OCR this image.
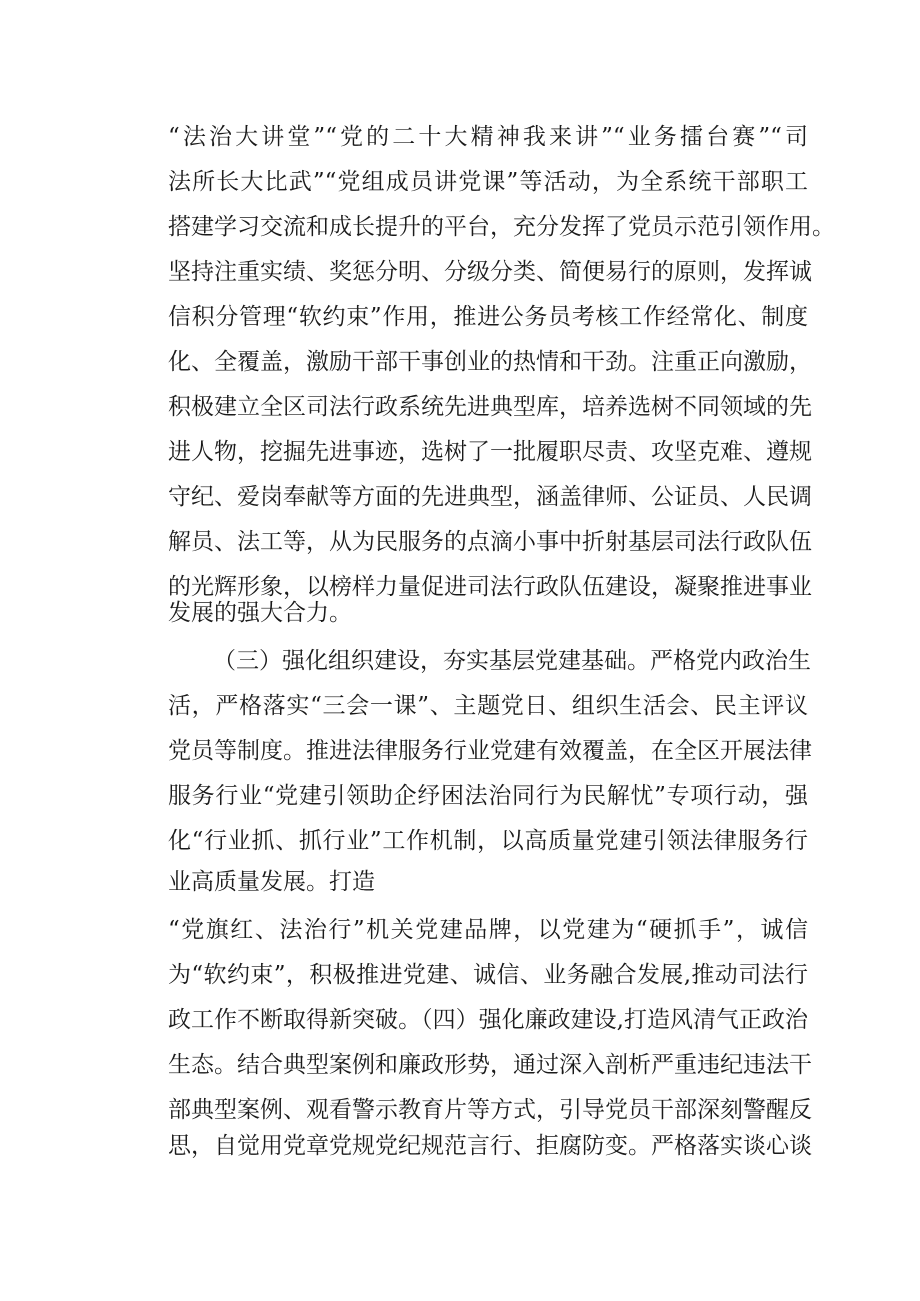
“法治大讲堂”“党的二十大精神我来讲”“业务擂台赛”“司
法所长大比武”“党组成员讲党课”等活动，为全系统干部职工
搭建学习交流和成长提升的平台，充分发挥了党员示范引领作用。
坚持注重实绩、奖惩分明、分级分类、简便易行的原则，发挥诚
信积分管理“软约束”作用，推进公务员考核工作经常化、制度
化、全覆盖，激励干部干事创业的热情和干劲。注重正向激励，
积极建立全区司法行政系统先进典型库，培养选树不同领域的先
进人物，挖掘先进事迹，选树了一批履职尽责、攻坚克难、遵规
守纪、爱岗奉献等方面的先进典型，涵盖律师、公证员、人民调
解员、法工等，从为民服务的点滴小事中折射基层司法行政队伍
的光辉形象，以榜样力量促进司法行政队伍建设，凝聚推进事业
发展的强大合力。
（三）强化组织建设，夯实基层党建基础。严格党内政治生
活，严格落实“三会一课”、主题党日、组织生活会、民主评议
党员等制度。推进法律服务行业党建有效覆盖，在全区开展法律
服务行业“党建引领助企纾困法治同行为民解忧”专项行动，强
化“行业抓、抓行业”工作机制，以高质量党建引领法律服务行
业高质量发展。打造
“党旗红、法治行”机关党建品牌，以党建为“硬抓手”，诚信
为“软约束”，积极推进党建、诚信、业务融合发展,推动司法行
政工作不断取得新突破。（四）强化廉政建设,打造风清气正政治
生态。结合典型案例和廉政形势，通过深入剖析严重违纪违法干
部典型案例、观看警示教育片等方式，引导党员干部深刻警醒反
思，自觉用党章党规党纪规范言行、拒腐防变。严格落实谈心谈
